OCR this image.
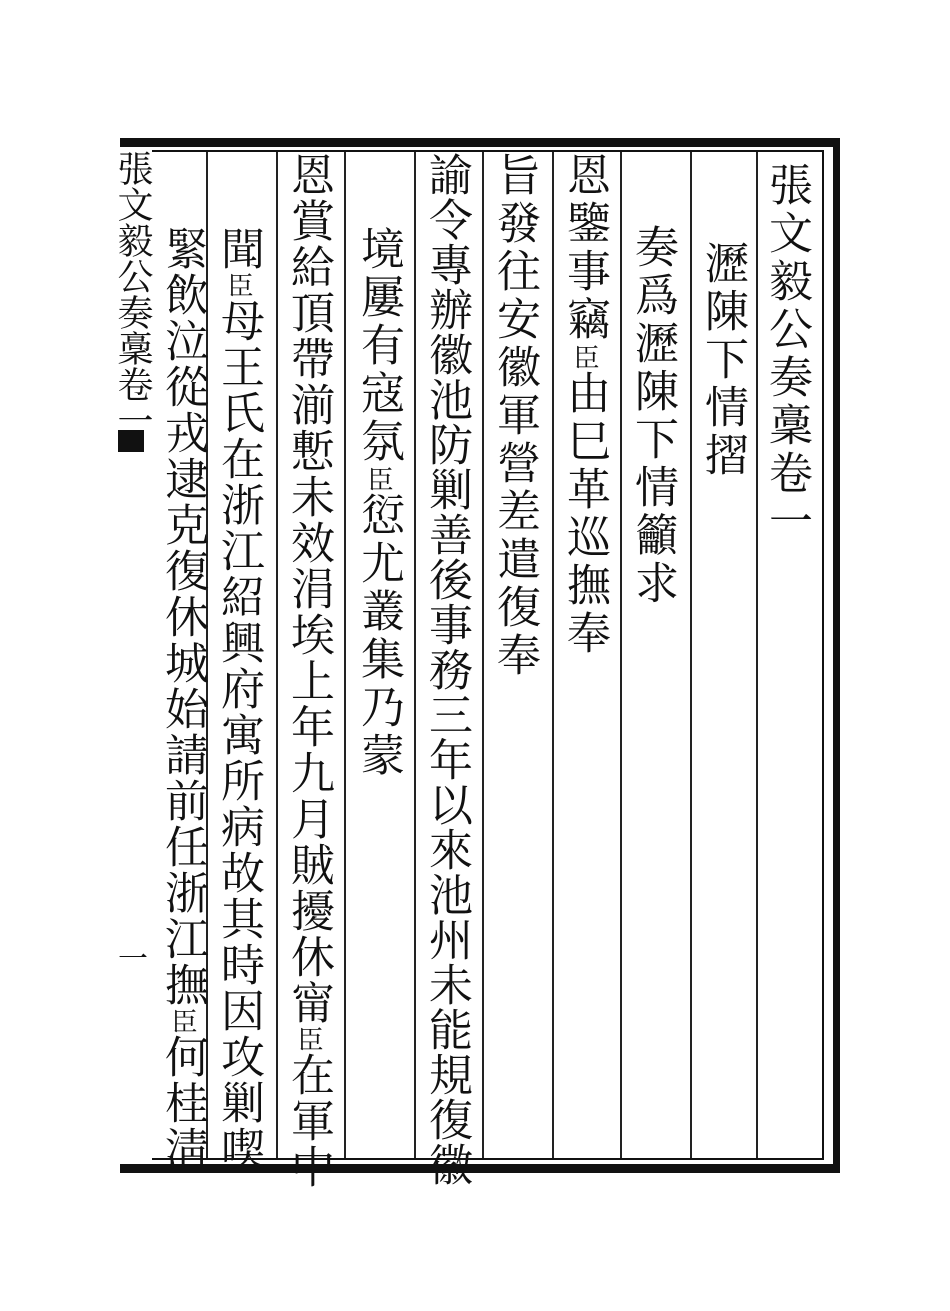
張文毅公奏稾卷一
一
張文毅公奏稾卷一
瀝陳下情摺
奏爲瀝陳下情籲求
恩鑒事竊臣由巳革巡撫奉
旨發往安徽軍營差遣復奉
諭令專辦徽池防剿善後事務三年以來池州未能規復徽
境屢有寇氛臣愆尤叢集乃蒙
恩賞給頂帶湔慙未效涓埃上年九月賊擾休甯臣在軍中
聞臣母王氏在浙江紹興府寓所病故其時因攻剿喫
緊飲泣從戎逮克復休城始請前任浙江撫臣何桂淸
